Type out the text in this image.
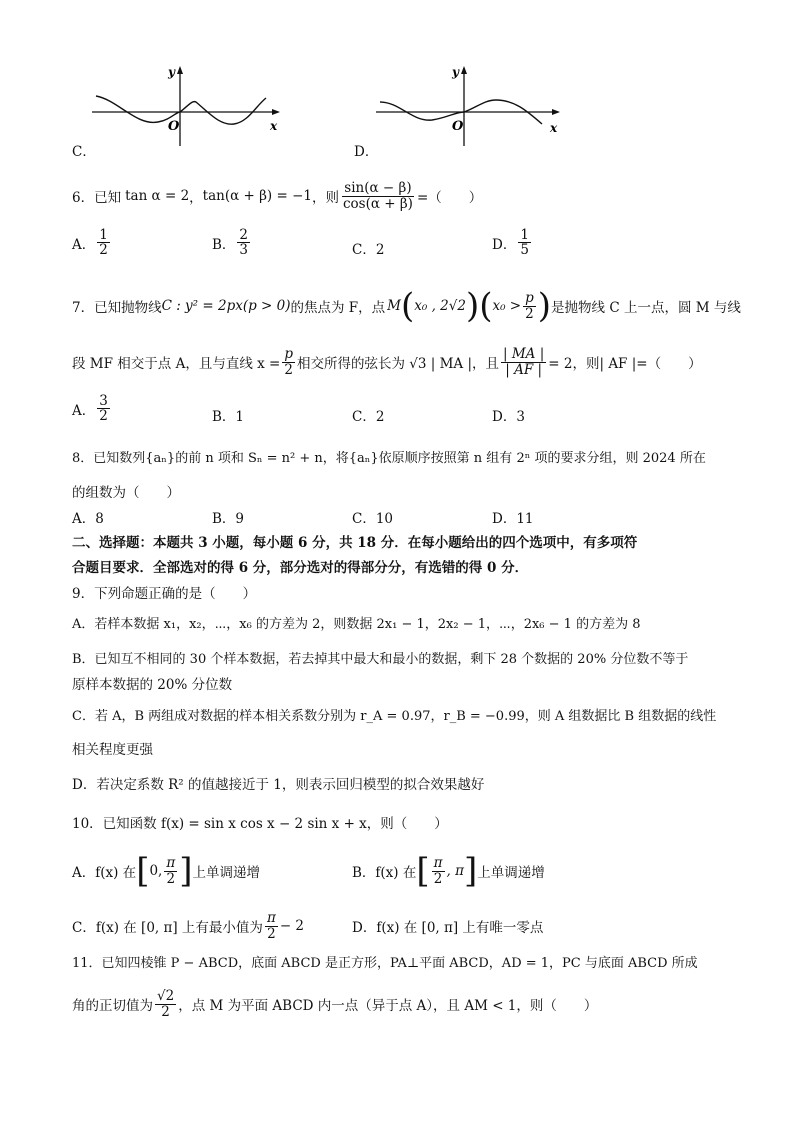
y
x
O
C．
y
x
O
D．
6． 已知 tan α = 2 ， tan(α + β) = −1 ，则 $\frac{\sin(\alpha - \beta)}{\cos(\alpha + \beta)}$ =（　　）
A． $\frac{1}{2}$	B． $\frac{2}{3}$	C．2	D． $\frac{1}{5}$
7． 已知抛物线 C : y² = 2px(p > 0) 的焦点为 F，点 M ( x₀ , 2√2 )( $x_0 > \frac{p}{2}$ ) 是抛物线 C 上一点，圆 M 与线
段 MF 相交于点 A，且与直线 $x = \frac{p}{2}$ 相交所得的弦长为 √3 | MA |，且 $\frac{| MA |}{| AF |} = 2$，则| AF |=（　　）
A． $\frac{3}{2}$	B．1	C．2	D．3
8．已知数列{aₙ}的前 n 项和 Sₙ = n² + n，将{aₙ}依原顺序按照第 n 组有 2ⁿ 项的要求分组，则 2024 所在
的组数为（　　）
A．8	B．9	C．10	D．11
二、选择题：本题共 3 小题，每小题 6 分，共 18 分．在每小题给出的四个选项中，有多项符
合题目要求．全部选对的得 6 分，部分选对的得部分分，有选错的得 0 分．
9．下列命题正确的是（　　）
A．若样本数据 x₁，x₂，⋯，x₆ 的方差为 2，则数据 2x₁ − 1，2x₂ − 1，⋯，2x₆ − 1 的方差为 8
B．已知互不相同的 30 个样本数据，若去掉其中最大和最小的数据，剩下 28 个数据的 20% 分位数不等于
原样本数据的 20% 分位数
C．若 A，B 两组成对数据的样本相关系数分别为 r_A = 0.97，r_B = −0.99，则 A 组数据比 B 组数据的线性
相关程度更强
D．若决定系数 R² 的值越接近于 1，则表示回归模型的拟合效果越好
10．已知函数 f(x) = sin x cos x − 2 sin x + x，则（　　）
A．f(x) 在 [ 0, $\frac{\pi}{2}$ ] 上单调递增	B．f(x) 在 [ $\frac{\pi}{2}$ , π ] 上单调递增
C．f(x) 在 [0, π] 上有最小值为 $\frac{\pi}{2} - 2$	D．f(x) 在 [0, π] 上有唯一零点
11．已知四棱锥 P − ABCD，底面 ABCD 是正方形，PA⊥平面 ABCD，AD = 1，PC 与底面 ABCD 所成
角的正切值为 $\frac{√2}{2}$ ，点 M 为平面 ABCD 内一点（异于点 A），且 AM < 1，则（　　）
